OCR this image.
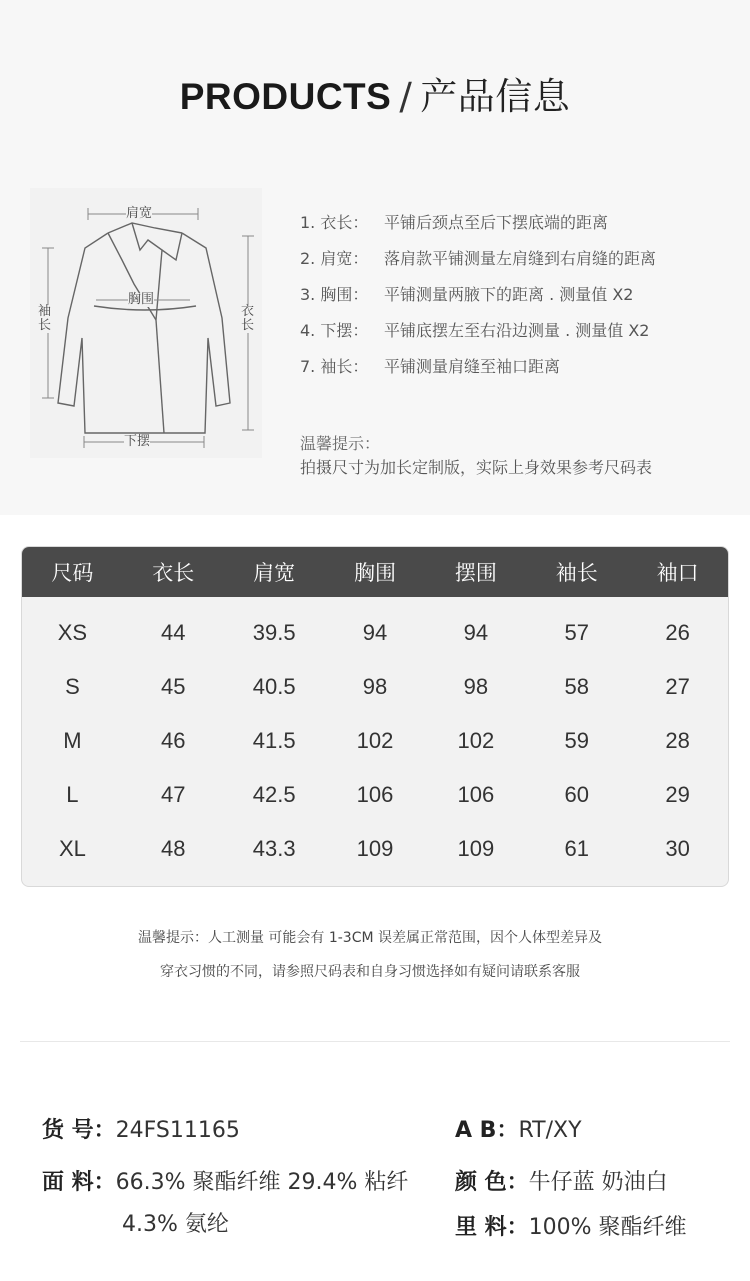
PRODUCTS / 产品信息
肩宽
胸围
袖长
衣长
下摆
1. 衣长： 平铺后颈点至后下摆底端的距离
2. 肩宽： 落肩款平铺测量左肩缝到右肩缝的距离
3. 胸围： 平铺测量两腋下的距离 . 测量值 X2
4. 下摆： 平铺底摆左至右沿边测量 . 测量值 X2
7. 袖长： 平铺测量肩缝至袖口距离
温馨提示：
拍摄尺寸为加长定制版，实际上身效果参考尺码表
尺码	衣长	肩宽	胸围	摆围	袖长	袖口
XS	44	39.5	94	94	57	26
S	45	40.5	98	98	58	27
M	46	41.5	102	102	59	28
L	47	42.5	106	106	60	29
XL	48	43.3	109	109	61	30
温馨提示：人工测量 可能会有 1-3CM 误差属正常范围，因个人体型差异及
穿衣习惯的不同，请参照尺码表和自身习惯选择如有疑问请联系客服
货 号：24FS11165	A B：RT/XY
面 料：66.3% 聚酯纤维 29.4% 粘纤
4.3% 氨纶
颜 色：牛仔蓝 奶油白
里 料：100% 聚酯纤维
